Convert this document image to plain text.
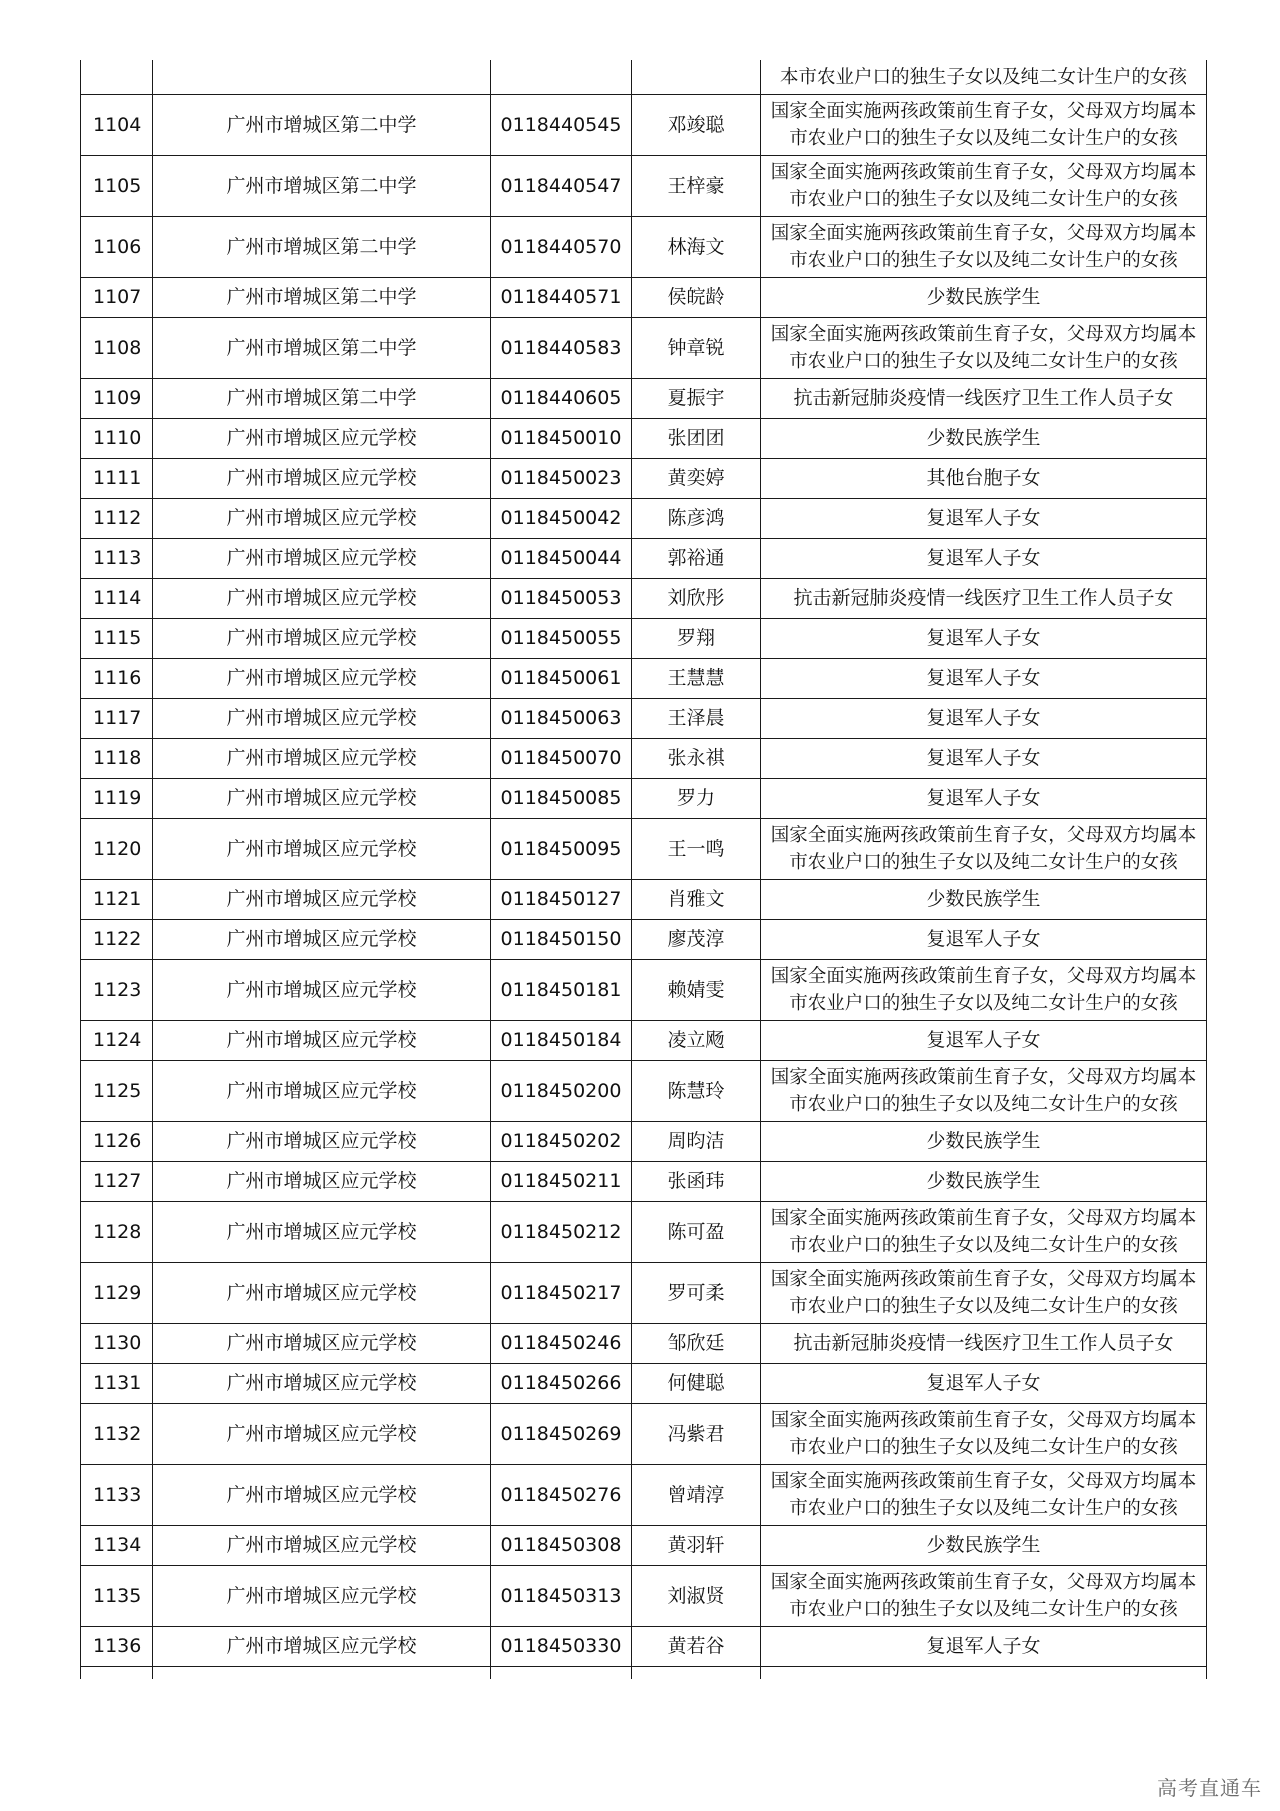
				本市农业户口的独生子女以及纯二女计生户的女孩
1104	广州市增城区第二中学	0118440545	邓竣聪	国家全面实施两孩政策前生育子女，父母双方均属本市农业户口的独生子女以及纯二女计生户的女孩
1105	广州市增城区第二中学	0118440547	王梓豪	国家全面实施两孩政策前生育子女，父母双方均属本市农业户口的独生子女以及纯二女计生户的女孩
1106	广州市增城区第二中学	0118440570	林海文	国家全面实施两孩政策前生育子女，父母双方均属本市农业户口的独生子女以及纯二女计生户的女孩
1107	广州市增城区第二中学	0118440571	侯皖龄	少数民族学生
1108	广州市增城区第二中学	0118440583	钟章锐	国家全面实施两孩政策前生育子女，父母双方均属本市农业户口的独生子女以及纯二女计生户的女孩
1109	广州市增城区第二中学	0118440605	夏振宇	抗击新冠肺炎疫情一线医疗卫生工作人员子女
1110	广州市增城区应元学校	0118450010	张团团	少数民族学生
1111	广州市增城区应元学校	0118450023	黄奕婷	其他台胞子女
1112	广州市增城区应元学校	0118450042	陈彦鸿	复退军人子女
1113	广州市增城区应元学校	0118450044	郭裕通	复退军人子女
1114	广州市增城区应元学校	0118450053	刘欣彤	抗击新冠肺炎疫情一线医疗卫生工作人员子女
1115	广州市增城区应元学校	0118450055	罗翔	复退军人子女
1116	广州市增城区应元学校	0118450061	王慧慧	复退军人子女
1117	广州市增城区应元学校	0118450063	王泽晨	复退军人子女
1118	广州市增城区应元学校	0118450070	张永祺	复退军人子女
1119	广州市增城区应元学校	0118450085	罗力	复退军人子女
1120	广州市增城区应元学校	0118450095	王一鸣	国家全面实施两孩政策前生育子女，父母双方均属本市农业户口的独生子女以及纯二女计生户的女孩
1121	广州市增城区应元学校	0118450127	肖雅文	少数民族学生
1122	广州市增城区应元学校	0118450150	廖茂淳	复退军人子女
1123	广州市增城区应元学校	0118450181	赖婧雯	国家全面实施两孩政策前生育子女，父母双方均属本市农业户口的独生子女以及纯二女计生户的女孩
1124	广州市增城区应元学校	0118450184	凌立飏	复退军人子女
1125	广州市增城区应元学校	0118450200	陈慧玲	国家全面实施两孩政策前生育子女，父母双方均属本市农业户口的独生子女以及纯二女计生户的女孩
1126	广州市增城区应元学校	0118450202	周昀洁	少数民族学生
1127	广州市增城区应元学校	0118450211	张函玮	少数民族学生
1128	广州市增城区应元学校	0118450212	陈可盈	国家全面实施两孩政策前生育子女，父母双方均属本市农业户口的独生子女以及纯二女计生户的女孩
1129	广州市增城区应元学校	0118450217	罗可柔	国家全面实施两孩政策前生育子女，父母双方均属本市农业户口的独生子女以及纯二女计生户的女孩
1130	广州市增城区应元学校	0118450246	邹欣廷	抗击新冠肺炎疫情一线医疗卫生工作人员子女
1131	广州市增城区应元学校	0118450266	何健聪	复退军人子女
1132	广州市增城区应元学校	0118450269	冯紫君	国家全面实施两孩政策前生育子女，父母双方均属本市农业户口的独生子女以及纯二女计生户的女孩
1133	广州市增城区应元学校	0118450276	曾靖淳	国家全面实施两孩政策前生育子女，父母双方均属本市农业户口的独生子女以及纯二女计生户的女孩
1134	广州市增城区应元学校	0118450308	黄羽轩	少数民族学生
1135	广州市增城区应元学校	0118450313	刘淑贤	国家全面实施两孩政策前生育子女，父母双方均属本市农业户口的独生子女以及纯二女计生户的女孩
1136	广州市增城区应元学校	0118450330	黄若谷	复退军人子女

高考直通车
